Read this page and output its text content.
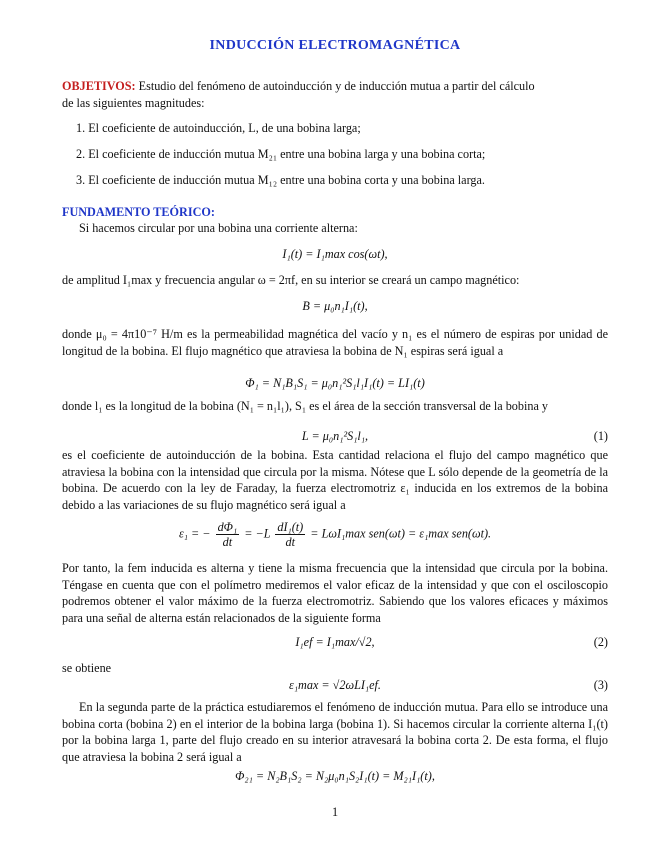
INDUCCIÓN ELECTROMAGNÉTICA

OBJETIVOS: Estudio del fenómeno de autoinducción y de inducción mutua a partir del cálculo

de las siguientes magnitudes:

1. El coeficiente de autoinducción, L, de una bobina larga;
2. El coeficiente de inducción mutua M₂₁ entre una bobina larga y una bobina corta;
3. El coeficiente de inducción mutua M₁₂ entre una bobina corta y una bobina larga.
FUNDAMENTO TEÓRICO:
Si hacemos circular por una bobina una corriente alterna:
I₁(t) = I₁max cos(ωt),
de amplitud I₁max y frecuencia angular ω = 2πf, en su interior se creará un campo magnético:
B = μ₀n₁I₁(t),

donde μ₀ = 4π10⁻⁷ H/m es la permeabilidad magnética del vacío y n₁ es el número de espiras por unidad de longitud de la bobina. El flujo magnético que atraviesa la bobina de N₁ espiras será igual a

Φ₁ = N₁B₁S₁ = μ₀n₁²S₁l₁I₁(t) = LI₁(t)

donde l₁ es la longitud de la bobina (N₁ = n₁l₁), S₁ es el área de la sección transversal de la bobina y

L = μ₀n₁²S₁l₁,	(1)

es el coeficiente de autoinducción de la bobina. Esta cantidad relaciona el flujo del campo magnético que atraviesa la bobina con la intensidad que circula por la misma. Nótese que L sólo depende de la geometría de la bobina. De acuerdo con la ley de Faraday, la fuerza electromotriz ε₁ inducida en los extremos de la bobina debido a las variaciones de su flujo magnético será igual a

ε₁ = − $\frac{\text{dΦ₁}}{dt} = -L \frac{\text{dI₁(t)}}{dt} = L\omega I_1\max$ sen(ωt) = ε₁max sen(ωt).

Por tanto, la fem inducida es alterna y tiene la misma frecuencia que la intensidad que circula por la bobina. Téngase en cuenta que con el polímetro mediremos el valor eficaz de la intensidad y que con el osciloscopio podremos obtener el valor máximo de la fuerza electromotriz. Sabiendo que los valores eficaces y máximos para una señal de alterna están relacionados de la siguiente forma

I₁ef = I₁max/√2,	(2)
se obtiene
ε₁max = √2ωLI₁ef.	(3)

En la segunda parte de la práctica estudiaremos el fenómeno de inducción mutua. Para ello se introduce una bobina corta (bobina 2) en el interior de la bobina larga (bobina 1). Si hacemos circular la corriente alterna I₁(t) por la bobina larga 1, parte del flujo creado en su interior atravesará la bobina corta 2. De esta forma, el flujo que atraviesa la bobina 2 será igual a

Φ₂₁ = N₂B₁S₂ = N₂μ₀n₁S₂I₁(t) = M₂₁I₁(t),
1
